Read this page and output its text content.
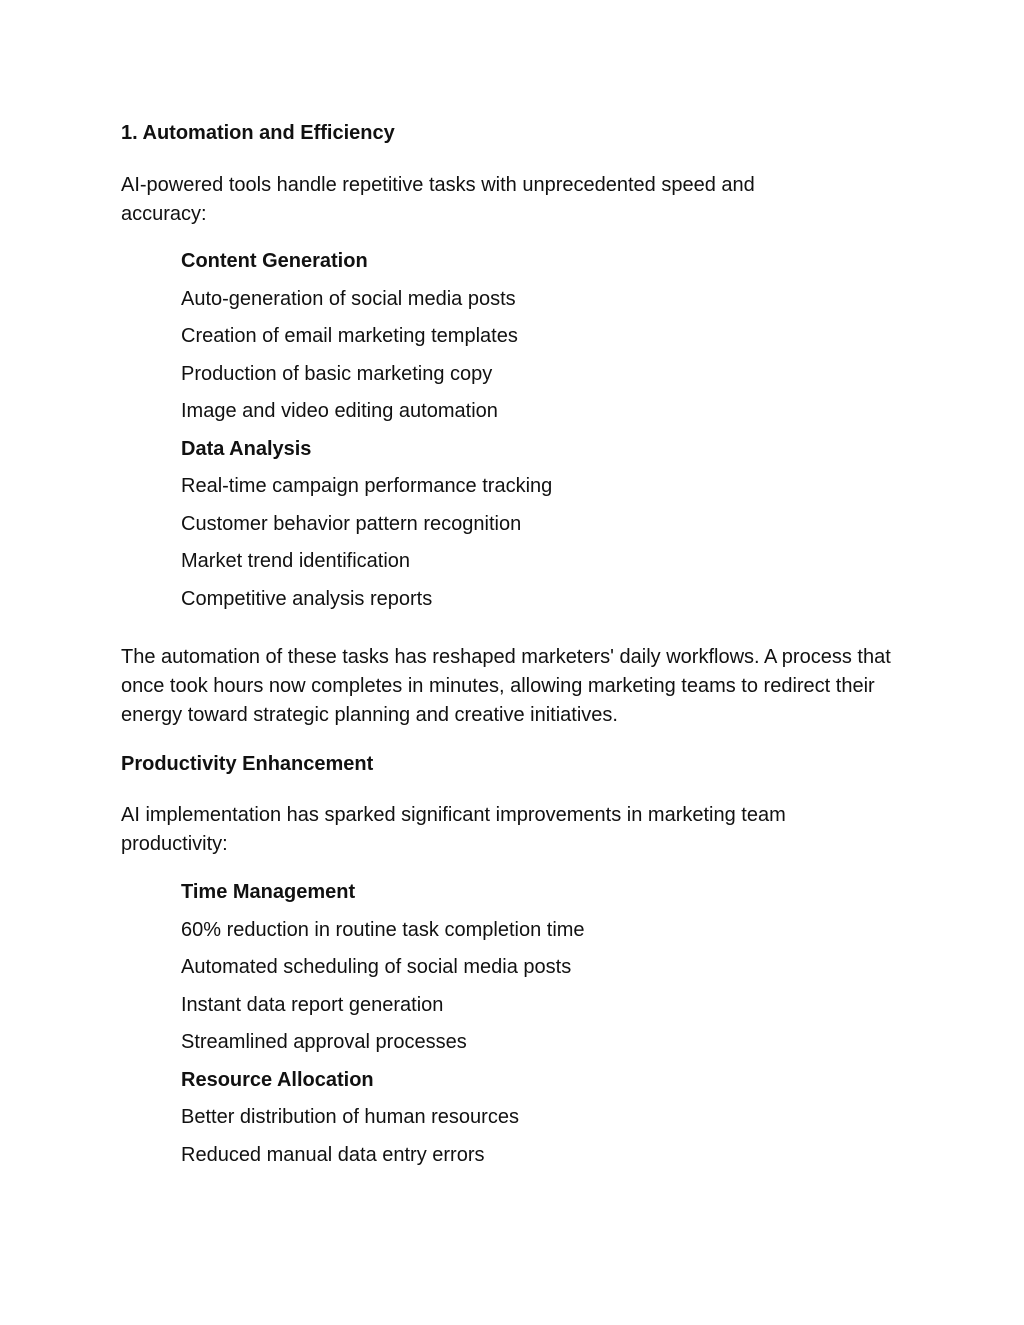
1. Automation and Efficiency

AI-powered tools handle repetitive tasks with unprecedented speed and accuracy:

Content Generation
Auto-generation of social media posts
Creation of email marketing templates
Production of basic marketing copy
Image and video editing automation
Data Analysis
Real-time campaign performance tracking
Customer behavior pattern recognition
Market trend identification
Competitive analysis reports

The automation of these tasks has reshaped marketers' daily workflows. A process that once took hours now completes in minutes, allowing marketing teams to redirect their energy toward strategic planning and creative initiatives.

Productivity Enhancement

AI implementation has sparked significant improvements in marketing team productivity:

Time Management
60% reduction in routine task completion time
Automated scheduling of social media posts
Instant data report generation
Streamlined approval processes
Resource Allocation
Better distribution of human resources
Reduced manual data entry errors
